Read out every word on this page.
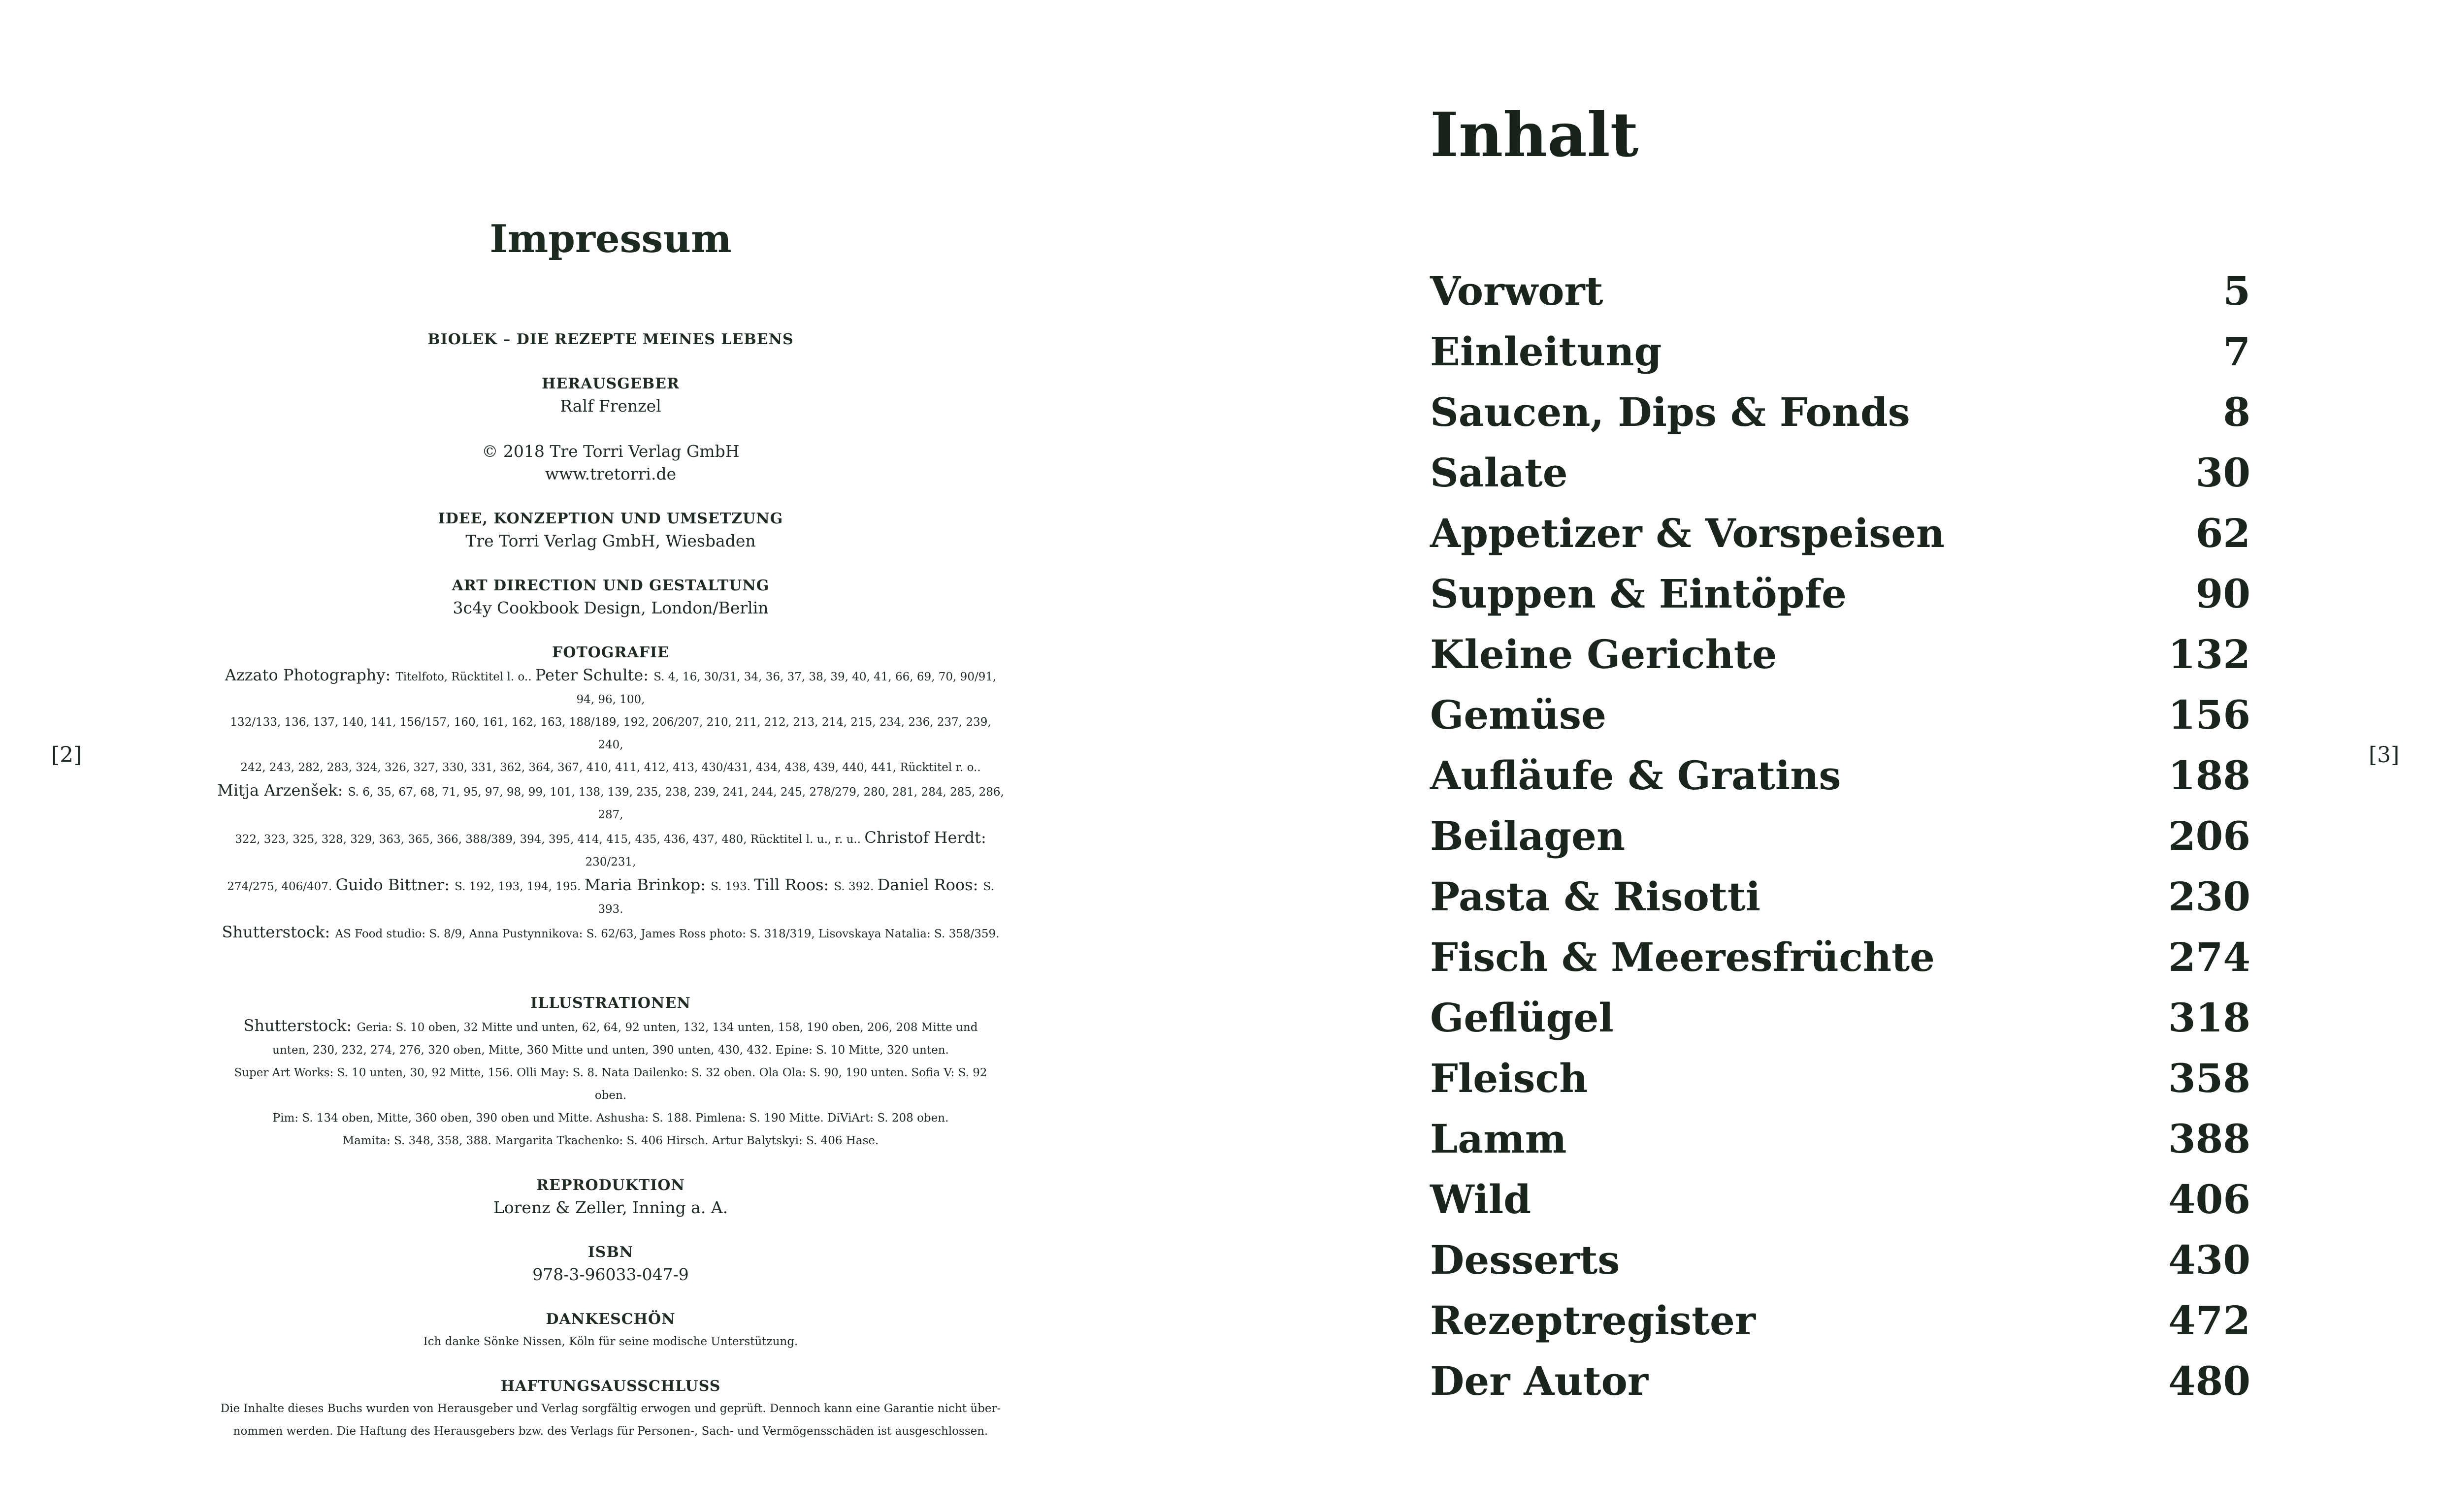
[2]
Impressum
BIOLEK – DIE REZEPTE MEINES LEBENS
HERAUSGEBER
Ralf Frenzel
© 2018 Tre Torri Verlag GmbH
www.tretorri.de
IDEE, KONZEPTION UND UMSETZUNG
Tre Torri Verlag GmbH, Wiesbaden
ART DIRECTION UND GESTALTUNG
3c4y Cookbook Design, London/Berlin
FOTOGRAFIE
Azzato Photography: Titelfoto, Rücktitel l. o.. Peter Schulte: S. 4, 16, 30/31, 34, 36, 37, 38, 39, 40, 41, 66, 69, 70, 90/91, 94, 96, 100,
132/133, 136, 137, 140, 141, 156/157, 160, 161, 162, 163, 188/189, 192, 206/207, 210, 211, 212, 213, 214, 215, 234, 236, 237, 239, 240,
242, 243, 282, 283, 324, 326, 327, 330, 331, 362, 364, 367, 410, 411, 412, 413, 430/431, 434, 438, 439, 440, 441, Rücktitel r. o..
Mitja Arzenšek: S. 6, 35, 67, 68, 71, 95, 97, 98, 99, 101, 138, 139, 235, 238, 239, 241, 244, 245, 278/279, 280, 281, 284, 285, 286, 287,
322, 323, 325, 328, 329, 363, 365, 366, 388/389, 394, 395, 414, 415, 435, 436, 437, 480, Rücktitel l. u., r. u.. Christof Herdt: 230/231,
274/275, 406/407. Guido Bittner: S. 192, 193, 194, 195. Maria Brinkop: S. 193. Till Roos: S. 392. Daniel Roos: S. 393.
Shutterstock: AS Food studio: S. 8/9, Anna Pustynnikova: S. 62/63, James Ross photo: S. 318/319, Lisovskaya Natalia: S. 358/359.
ILLUSTRATIONEN
Shutterstock: Geria: S. 10 oben, 32 Mitte und unten, 62, 64, 92 unten, 132, 134 unten, 158, 190 oben, 206, 208 Mitte und
unten, 230, 232, 274, 276, 320 oben, Mitte, 360 Mitte und unten, 390 unten, 430, 432. Epine: S. 10 Mitte, 320 unten.
Super Art Works: S. 10 unten, 30, 92 Mitte, 156. Olli May: S. 8. Nata Dailenko: S. 32 oben. Ola Ola: S. 90, 190 unten. Sofia V: S. 92 oben.
Pim: S. 134 oben, Mitte, 360 oben, 390 oben und Mitte. Ashusha: S. 188. Pimlena: S. 190 Mitte. DiViArt: S. 208 oben.
Mamita: S. 348, 358, 388. Margarita Tkachenko: S. 406 Hirsch. Artur Balytskyi: S. 406 Hase.
REPRODUKTION
Lorenz & Zeller, Inning a. A.
ISBN
978-3-96033-047-9
DANKESCHÖN
Ich danke Sönke Nissen, Köln für seine modische Unterstützung.
HAFTUNGSAUSSCHLUSS
Die Inhalte dieses Buchs wurden von Herausgeber und Verlag sorgfältig erwogen und geprüft. Dennoch kann eine Garantie nicht über-
nommen werden. Die Haftung des Herausgebers bzw. des Verlags für Personen-, Sach- und Vermögensschäden ist ausgeschlossen.
[3]
Inhalt
Vorwort	5
Einleitung	7
Saucen, Dips & Fonds	8
Salate	30
Appetizer & Vorspeisen	62
Suppen & Eintöpfe	90
Kleine Gerichte	132
Gemüse	156
Aufläufe & Gratins	188
Beilagen	206
Pasta & Risotti	230
Fisch & Meeresfrüchte	274
Geflügel	318
Fleisch	358
Lamm	388
Wild	406
Desserts	430
Rezeptregister	472
Der Autor	480
